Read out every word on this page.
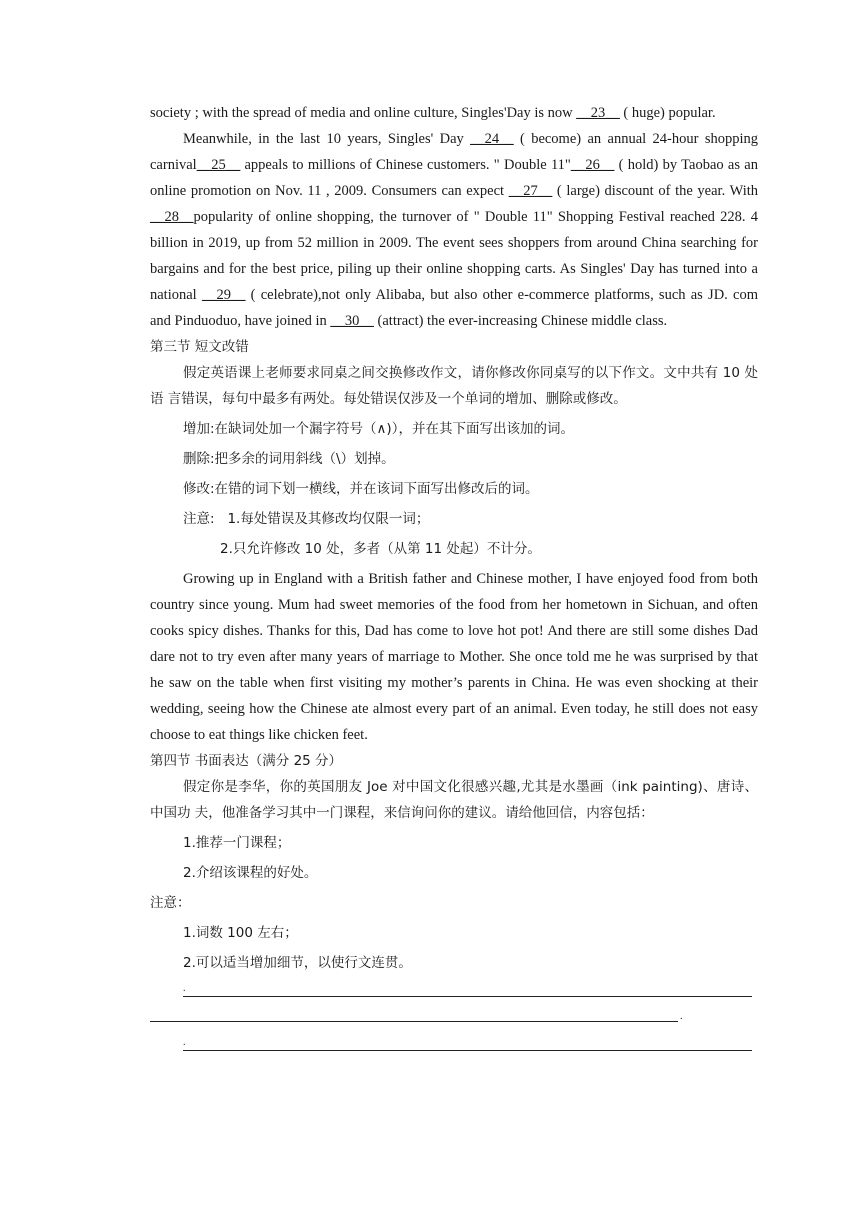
society ; with the spread of media and online culture, Singles'Day is now __23__ ( huge) popular.

Meanwhile, in the last 10 years, Singles' Day __24__ ( become) an annual 24-hour shopping carnival__25__ appeals to millions of Chinese customers. " Double 11"__26__ ( hold) by Taobao as an online promotion on Nov. 11 , 2009. Consumers can expect __27__ ( large) discount of the year. With __28__popularity of online shopping, the turnover of " Double 11" Shopping Festival reached 228. 4 billion in 2019, up from 52 million in 2009. The event sees shoppers from around China searching for bargains and for the best price, piling up their online shopping carts. As Singles' Day has turned into a national __29__ ( celebrate),not only Alibaba, but also other e-commerce platforms, such as JD. com and Pinduoduo, have joined in __30__ (attract) the ever-increasing Chinese middle class.

第三节 短文改错

假定英语课上老师要求同桌之间交换修改作文，请你修改你同桌写的以下作文。文中共有 10 处语 言错误，每句中最多有两处。每处错误仅涉及一个单词的增加、删除或修改。

增加:在缺词处加一个漏字符号（∧)），并在其下面写出该加的词。

删除:把多余的词用斜线（\）划掉。

修改:在错的词下划一横线，并在该词下面写出修改后的词。

注意: 1.每处错误及其修改均仅限一词；

2.只允许修改 10 处，多者（从第 11 处起）不计分。

Growing up in England with a British father and Chinese mother, I have enjoyed food from both country since young. Mum had sweet memories of the food from her hometown in Sichuan, and often cooks spicy dishes. Thanks for this, Dad has come to love hot pot! And there are still some dishes Dad dare not to try even after many years of marriage to Mother. She once told me he was surprised by that he saw on the table when first visiting my mother’s parents in China. He was even shocking at their wedding, seeing how the Chinese ate almost every part of an animal. Even today, he still does not easy choose to eat things like chicken feet.

第四节 书面表达（满分 25 分）

假定你是李华，你的英国朋友 Joe 对中国文化很感兴趣,尤其是水墨画（ink painting)、唐诗、中国功 夫，他准备学习其中一门课程，来信询问你的建议。请给他回信，内容包括：

1.推荐一门课程；

2.介绍该课程的好处。

注意：

1.词数 100 左右；

2.可以适当增加细节，以使行文连贯。

.
.
.
